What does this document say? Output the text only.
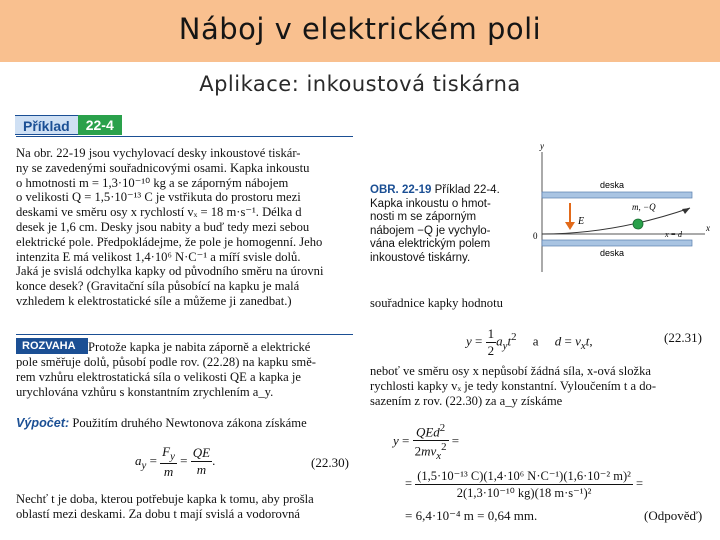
Náboj v elektrickém poli
Aplikace: inkoustová tiskárna
Příklad	22-4

Na obr. 22-19 jsou vychylovací desky inkoustové tiskár-

ny se zavedenými souřadnicovými osami. Kapka inkoustu

o hmotnosti m = 1,3·10⁻¹⁰ kg a se záporným nábojem

o velikosti Q = 1,5·10⁻¹³ C je vstřikuta do prostoru mezi

deskami ve směru osy x rychlostí vₓ = 18 m·s⁻¹. Délka d

desek je 1,6 cm. Desky jsou nabity a buď tedy mezi sebou

elektrické pole. Předpokládejme, že pole je homogenní. Jeho

intenzita E má velikost 1,4·10⁶ N·C⁻¹ a míří svisle dolů.

Jaká je svislá odchylka kapky od původního směru na úrovni

konce desek? (Gravitační síla působící na kapku je malá

vzhledem k elektrostatické síle a můžeme ji zanedbat.)

ROZVAHA Protože kapka je nabita záporně a elektrické

pole směřuje dolů, působí podle rov. (22.28) na kapku smě-

rem vzhůru elektrostatická síla o velikosti QE a kapka je

urychlována vzhůru s konstantním zrychlením a_y.

Výpočet: Použitím druhého Newtonova zákona získáme
$a_y = \frac{F_y}{m} = \frac{QE}{m}$ .	(22.30)

Nechť t je doba, kterou potřebuje kapka k tomu, aby prošla

oblastí mezi deskami. Za dobu t mají svislá a vodorovná

OBR. 22-19 Příklad 22-4.
Kapka inkoustu o hmot-
nosti m se záporným
nábojem −Q je vychylo-
vána elektrickým polem
inkoustové tiskárny.
y
x
0
deska
deska
E
m, −Q
x = d
souřadnice kapky hodnotu
$y = \frac{1}{2} a_yt^2$     a     $d = v_xt$,	(22.31)

neboť ve směru osy x nepůsobí žádná síla, x-ová složka

rychlosti kapky vₓ je tedy konstantní. Vyloučením t a do-

sazením z rov. (22.30) za a_y získáme

$y = \frac{QEd^2}{2mv_x^2}$ =
= $\frac{\text{(1,5·10⁻¹³ C)(1,4·10⁶ N·C⁻¹)(1,6·10⁻² m)²}}{\text{2(1,3·10⁻¹⁰ kg)(18 m·s⁻¹)²}}$ =
= 6,4·10⁻⁴ m = 0,64 mm.	(Odpověď)
